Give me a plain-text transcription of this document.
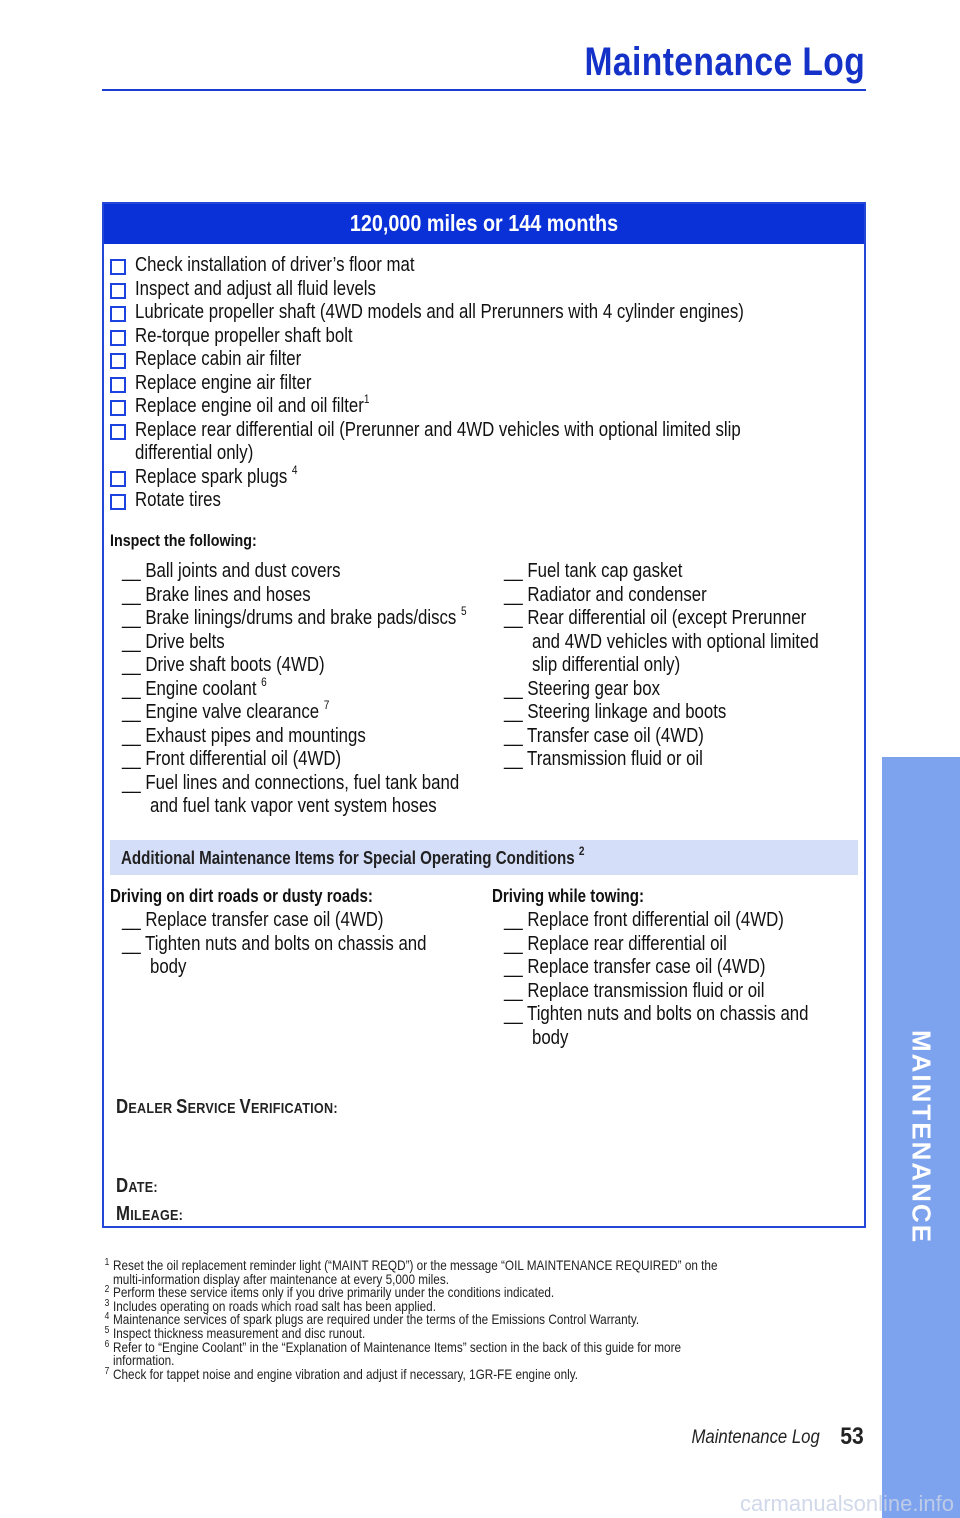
Maintenance Log
120,000 miles or 144 months
Check installation of driver’s floor mat
Inspect and adjust all fluid levels
Lubricate propeller shaft (4WD models and all Prerunners with 4 cylinder engines)
Re-torque propeller shaft bolt
Replace cabin air filter
Replace engine air filter
Replace engine oil and oil filter$^1$
Replace rear differential oil (Prerunner and 4WD vehicles with optional limited slip
differential only)
Replace spark plugs $^4$
Rotate tires
Inspect the following:
__ Ball joints and dust covers
__ Brake lines and hoses
__ Brake linings/drums and brake pads/discs $^5$
__ Drive belts
__ Drive shaft boots (4WD)
__ Engine coolant $^6$
__ Engine valve clearance $^7$
__ Exhaust pipes and mountings
__ Front differential oil (4WD)
__ Fuel lines and connections, fuel tank band
and fuel tank vapor vent system hoses
__ Fuel tank cap gasket
__ Radiator and condenser
__ Rear differential oil (except Prerunner
and 4WD vehicles with optional limited
slip differential only)
__ Steering gear box
__ Steering linkage and boots
__ Transfer case oil (4WD)
__ Transmission fluid or oil
Additional Maintenance Items for Special Operating Conditions $^2$
Driving on dirt roads or dusty roads:
__ Replace transfer case oil (4WD)
__ Tighten nuts and bolts on chassis and
body
Driving while towing:
__ Replace front differential oil (4WD)
__ Replace rear differential oil
__ Replace transfer case oil (4WD)
__ Replace transmission fluid or oil
__ Tighten nuts and bolts on chassis and
body
DEALER SERVICE VERIFICATION:
DATE:
MILEAGE:
1 Reset the oil replacement reminder light (“MAINT REQD”) or the message “OIL MAINTENANCE REQUIRED” on the
multi-information display after maintenance at every 5,000 miles.
2 Perform these service items only if you drive primarily under the conditions indicated.
3 Includes operating on roads which road salt has been applied.
4 Maintenance services of spark plugs are required under the terms of the Emissions Control Warranty.
5 Inspect thickness measurement and disc runout.
6 Refer to “Engine Coolant” in the “Explanation of Maintenance Items” section in the back of this guide for more
information.
7 Check for tappet noise and engine vibration and adjust if necessary, 1GR-FE engine only.
Maintenance Log 53
MAINTENANCE
carmanualsonline.info
